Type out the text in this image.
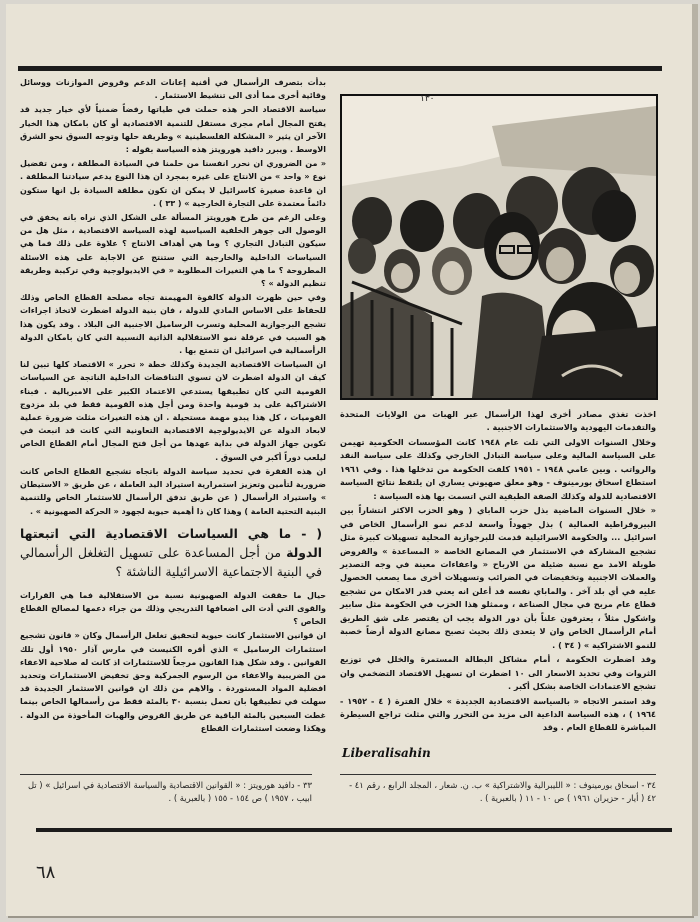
١٣٠

بدأت بتصرف الرأسمال في أقنية إعانات الدعم وقروض الموازنات ووسائل وقائية أخرى مما أدى الى تنشيط الاستثمار .

سياسة الاقتصاد الحر هذه حملت في طياتها رفضاً ضمنياً لأي خيار جديد قد يفتح المجال أمام مجرى مستقل للتنمية الاقتصادية أو كان بامكان هذا الخيار الآخر ان يثير « المشكلة الفلسطينية » وطريقة حلها وتوجه السوق نحو الشرق الاوسط . ويبرر دافيد هورويتز هذه السياسة بقوله :

« من الضروري ان نحرر انفسنا من حلمنا في السيادة المطلقة ، ومن تفضيل نوع « واحد » من الانتاج على غيره بمجرد ان هذا النوع يدعم سيادتنا المطلقة . ان قاعدة صغيرة كاسرائيل لا يمكن ان تكون مطلقة السيادة بل انها ستكون دائماً معتمدة على التجارة الخارجية » ( ٣٣ ) .

وعلى الرغم من طرح هورويتز المسألة على الشكل الذي نراه بانه يخفق في الوصول الى جوهر الخلفية السياسية لهذه السياسة الاقتصادية ، مثل هل من سيكون التبادل التجاري ؟ وما هي أهداف الانتاج ؟ علاوة على ذلك فما هي السياسات الداخلية والخارجية التي ستنتج عن الاجابة على هذه الاسئلة المطروحة ؟ ما هي التغيرات المطلوبة « في الايديولوجية وفي تركيبة وطريقة تنظيم الدولة » ؟

وفي حين ظهرت الدولة كالقوة المهيمنة تجاه مصلحة القطاع الخاص وذلك للحفاظ على الاساس المادي للدولة ، فان بنية الدولة اضطرت لاتخاذ اجراءات تشجع البرجوازية المحلية وتسرب الرساميل الاجنبية الى البلاد . وقد يكون هذا هو السبب في عرقلة نمو الاستقلالية الذاتية النسبية التي كان بامكان الدولة الرأسمالية في اسرائيل ان تتمتع بها .

ان السياسات الاقتصادية الجديدة وكذلك خطة « تحرر » الاقتصاد كلها تبين لنا كيف ان الدولة اضطرت لان تسوي التناقضات الداخلية الناتجة عن السياسات القومية التي كان تطبيقها يستدعي الاعتماد الكبير على الامبريالية . فبناء الاشتراكية على يد قومية واحدة ومن أجل هذه القومية فقط في بلد مزدوج القوميات ، كل هذا يبدو مهمة مستحيلة . ان هذه التغيرات مثلت ضرورة عملية لابعاد الدولة عن الايديولوجية الاقتصادية التعاونية التي كانت قد انبعث في تكوين جهاز الدولة في بداية عهدها من أجل فتح المجال أمام القطاع الخاص ليلعب دوراً أكبر في السوق .

ان هذه الفقرة في تحديد سياسة الدولة باتجاه تشجيع القطاع الخاص كانت ضرورية لتأمين وتعزيز استمرارية استيراد اليد العاملة ، عن طريق « الاستيطان » واستيراد الرأسمال ( عن طريق تدفق الرأسمال للاستثمار الخاص وللتنمية البنية التحتية العامة ) وهذا كان ذا أهمية حيوية لجهود « الحركة الصهيونية » .

( - ما هي السياسات الاقتصادية التي اتبعتها الدولة من أجل المساعدة على تسهيل التغلغل الرأسمالي في البنية الاجتماعية الاسرائيلية الناشئة ؟

حيال ما حققت الدولة الصهيونية نسبة من الاستقلالية فما هي القرارات والقوى التي أدت الى اضعافها التدريجي وذلك من جراء دعمها لمصالح القطاع الخاص ؟

ان قوانين الاستثمار كانت حيوية لتحقيق تغلغل الرأسمال وكان « قانون تشجيع استثمارات الرساميل » الذي أقره الكنيست في مارس آذار ١٩٥٠ أول تلك القوانين . وقد شكل هذا القانون مرجعاً للاستثمارات اذ كانت له صلاحية الاعفاء من الضريبية والاعفاء من الرسوم الجمركية وحق تخفيض الاستثمارات وتحديد افضلية المواد المستوردة . والاهم من ذلك ان قوانين الاستثمار الجديدة قد سهلت في تطبيقها بان تعمل بنسبة ٣٠ بالمئة فقط من رأسمالها الخاص بينما غطت السبعين بالمئة الباقية عن طريق القروض والهبات المأخوذة من الدولة . وهكذا وضعت استثمارات القطاع

اخذت تغذي مصادر أخرى لهذا الرأسمال عبر الهبات من الولايات المتحدة والتقدمات اليهودية والاستثمارات الاجنبية .

وخلال السنوات الاولى التي تلت عام ١٩٤٨ كانت المؤسسات الحكومية تهيمن على السياسة المالية وعلى سياسة التبادل الخارجي وكذلك على سياسة النقد والرواتب . وبين عامي ١٩٤٨ - ١٩٥١ كلفت الحكومة من تدخلها هذا . وفي ١٩٦١ استطاع اسحاق بورمينوف - وهو معلق صهيوني يساري ان يلتقط نتائج السياسة الاقتصادية للدولة وكذلك الصفة الطبقية التي اتسمت بها هذه السياسة :

« خلال السنوات الماضية بذل حزب الماباي ( وهو الحزب الاكثر انتشاراً بين البيروقراطية العمالية ) بذل جهوداً واسعة لدعم نمو الرأسمال الخاص في اسرائيل ... والحكومة الاسرائيلية قدمت للبرجوازية المحلية تسهيلات كبيرة مثل تشجيع المشاركة في الاستثمار في المصانع الخاصة « المساعدة » والقروض طويلة الامد مع نسبة ضئيلة من الارباح « واعفاءات معينة في وجه التصدير والعملات الاجنبية وتخفيضات في الضرائب وتسهيلات أخرى مما يصعب الحصول عليه في أي بلد آخر . والماباي نفسه قد أعلن انه يعني قدر الامكان من تشجيع قطاع عام مربح في مجال الصناعة ، وممثلو هذا الحزب في الحكومة مثل سابير واشكول مثلاً ، يعترفون علناً بأن دور الدولة يجب ان يقتصر على شق الطريق أمام الرأسمال الخاص وان لا يتعدى ذلك بحيث تصبح مصانع الدولة أرضاً خصبة للنمو الاشتراكية » ( ٣٤ ) .

وقد اضطرت الحكومة ، أمام مشاكل البطالة المستمرة والخلل في توزيع الثروات وفي تحديد الاسعار الى ١٠ اضطرت ان تسهيل الاقتصاد التضخمي وان تشجع الاعتمادات الخاصة بشكل أكبر .

وقد استمر الاتجاه « بالسياسة الاقتصادية الجديدة » خلال الفترة ( ٤ - ١٩٥٢ - ١٩٦٤ ) ، هذه السياسة الداعية الى مزيد من التحرر والتي مثلت تراجع السيطرة المباشرة للقطاع العام . وقد

Liberalisahin
٣٣ - دافيد هورويتز : « القوانين الاقتصادية والسياسة الاقتصادية في اسرائيل » ( تل ابيب ، ١٩٥٧ ) ص ١٥٤ - ١٥٥ ( بالعبرية ) .
٣٤ - اسحاق بورمينوف : « الليبرالية والاشتراكية » ب. ن. شعار ، المجلد الرابع ، رقم ٤١ - ٤٢ ( أيار - حزيران ١٩٦١ ) ص ١٠ - ١١ ( بالعبرية ) .
٦٨
